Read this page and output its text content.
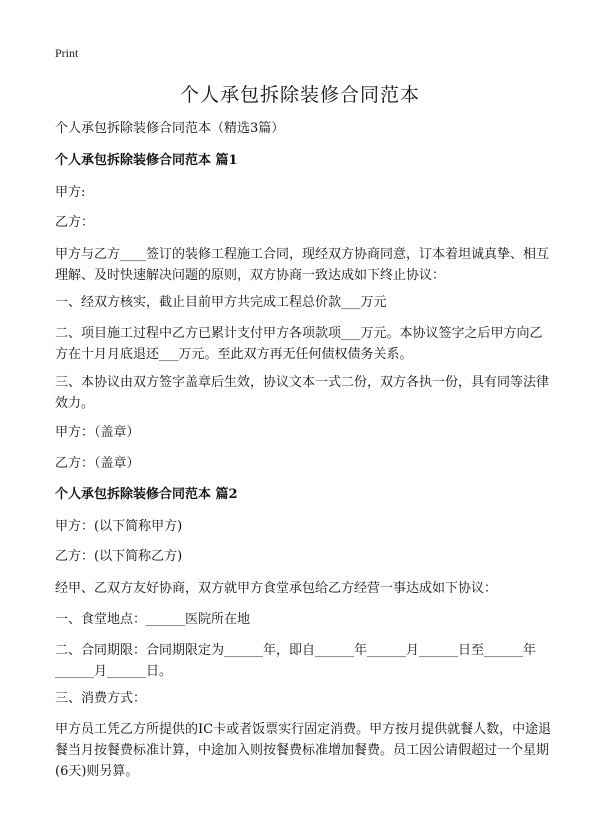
Print
个人承包拆除装修合同范本
个人承包拆除装修合同范本（精选3篇）
个人承包拆除装修合同范本 篇1
甲方:
乙方：
甲方与乙方____签订的装修工程施工合同，现经双方协商同意，订本着坦诚真挚、相互理解、及时快速解决问题的原则，双方协商一致达成如下终止协议：
一、经双方核实，截止目前甲方共完成工程总价款___万元
二、项目施工过程中乙方已累计支付甲方各项款项___万元。本协议签字之后甲方向乙方在十月月底退还___万元。至此双方再无任何债权债务关系。
三、本协议由双方签字盖章后生效，协议文本一式二份，双方各执一份，具有同等法律效力。
甲方：（盖章）
乙方：（盖章）
个人承包拆除装修合同范本 篇2
甲方：(以下简称甲方)
乙方：(以下简称乙方)
经甲、乙双方友好协商，双方就甲方食堂承包给乙方经营一事达成如下协议：
一、食堂地点：______医院所在地
二、合同期限：合同期限定为______年，即自______年______月______日至______年______月______日。
三、消费方式：
甲方员工凭乙方所提供的IC卡或者饭票实行固定消费。甲方按月提供就餐人数，中途退餐当月按餐费标准计算，中途加入则按餐费标准增加餐费。员工因公请假超过一个星期(6天)则另算。
